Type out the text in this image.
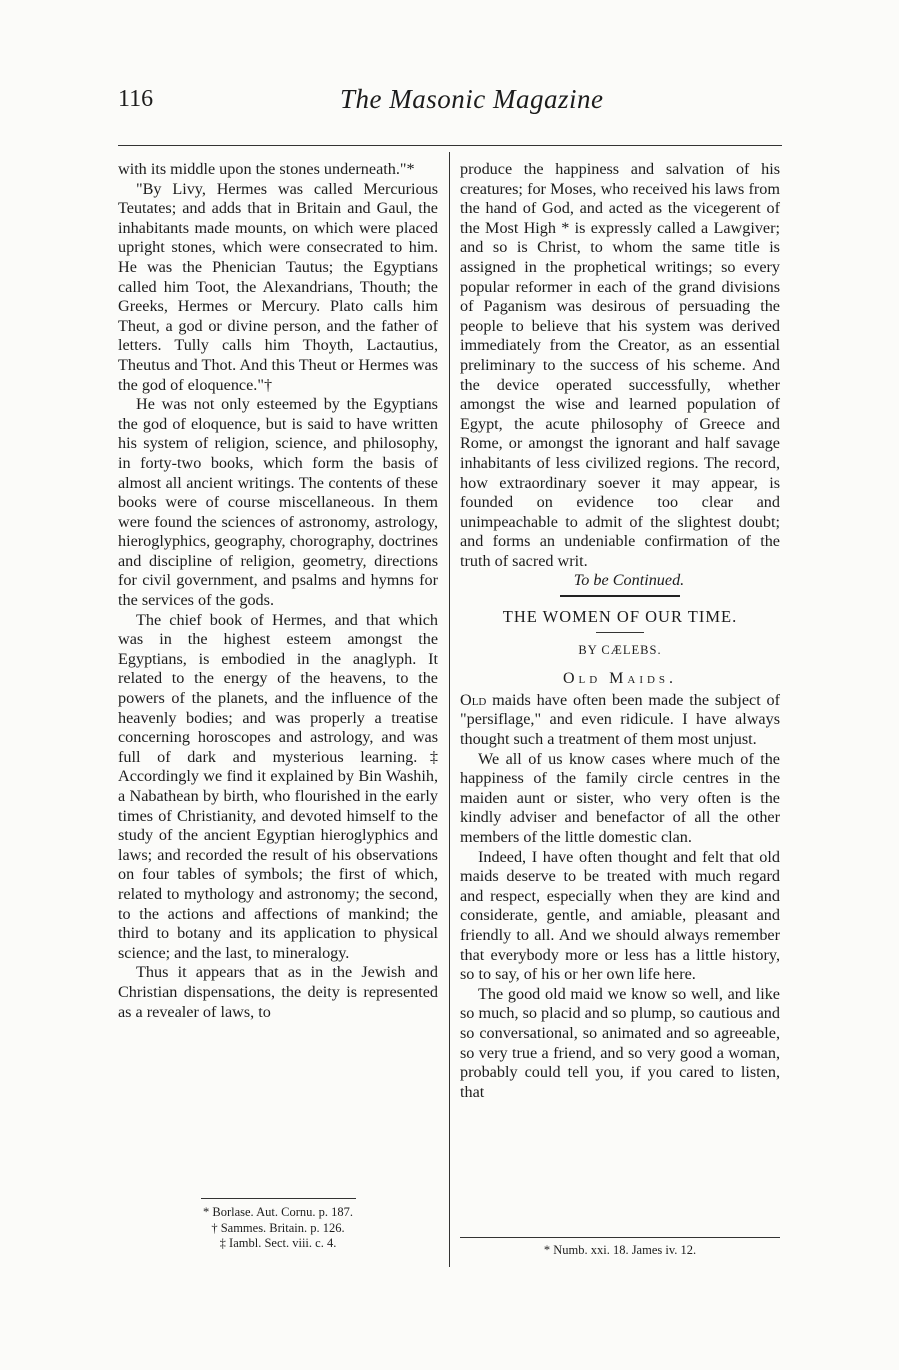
116	The Masonic Magazine

with its middle upon the stones underneath."*

"By Livy, Hermes was called Mercurious Teutates; and adds that in Britain and Gaul, the inhabitants made mounts, on which were placed upright stones, which were consecrated to him. He was the Phenician Tautus; the Egyptians called him Toot, the Alexandrians, Thouth; the Greeks, Hermes or Mercury. Plato calls him Theut, a god or divine person, and the father of letters. Tully calls him Thoyth, Lactautius, Theutus and Thot. And this Theut or Hermes was the god of eloquence."†

He was not only esteemed by the Egyptians the god of eloquence, but is said to have written his system of religion, science, and philosophy, in forty-two books, which form the basis of almost all ancient writings. The contents of these books were of course miscellaneous. In them were found the sciences of astronomy, astrology, hieroglyphics, geography, chorography, doctrines and discipline of religion, geometry, directions for civil government, and psalms and hymns for the services of the gods.

The chief book of Hermes, and that which was in the highest esteem amongst the Egyptians, is embodied in the anaglyph. It related to the energy of the heavens, to the powers of the planets, and the influence of the heavenly bodies; and was properly a treatise concerning horoscopes and astrology, and was full of dark and mysterious learning.‡ Accordingly we find it explained by Bin Washih, a Nabathean by birth, who flourished in the early times of Christianity, and devoted himself to the study of the ancient Egyptian hieroglyphics and laws; and recorded the result of his observations on four tables of symbols; the first of which, related to mythology and astronomy; the second, to the actions and affections of mankind; the third to botany and its application to physical science; and the last, to mineralogy.

Thus it appears that as in the Jewish and Christian dispensations, the deity is represented as a revealer of laws, to

* Borlase. Aut. Cornu. p. 187.
† Sammes. Britain. p. 126.
‡ Iambl. Sect. viii. c. 4.

produce the happiness and salvation of his creatures; for Moses, who received his laws from the hand of God, and acted as the vicegerent of the Most High * is expressly called a Lawgiver; and so is Christ, to whom the same title is assigned in the prophetical writings; so every popular reformer in each of the grand divisions of Paganism was desirous of persuading the people to believe that his system was derived immediately from the Creator, as an essential preliminary to the success of his scheme. And the device operated successfully, whether amongst the wise and learned population of Egypt, the acute philosophy of Greece and Rome, or amongst the ignorant and half savage inhabitants of less civilized regions. The record, how extraordinary soever it may appear, is founded on evidence too clear and unimpeachable to admit of the slightest doubt; and forms an undeniable confirmation of the truth of sacred writ.

To be Continued.

THE WOMEN OF OUR TIME.
BY CÆLEBS.
Old Maids.

Old maids have often been made the subject of "persiflage," and even ridicule. I have always thought such a treatment of them most unjust.

We all of us know cases where much of the happiness of the family circle centres in the maiden aunt or sister, who very often is the kindly adviser and benefactor of all the other members of the little domestic clan.

Indeed, I have often thought and felt that old maids deserve to be treated with much regard and respect, especially when they are kind and considerate, gentle, and amiable, pleasant and friendly to all. And we should always remember that everybody more or less has a little history, so to say, of his or her own life here.

The good old maid we know so well, and like so much, so placid and so plump, so cautious and so conversational, so animated and so agreeable, so very true a friend, and so very good a woman, probably could tell you, if you cared to listen, that

* Numb. xxi. 18. James iv. 12.
